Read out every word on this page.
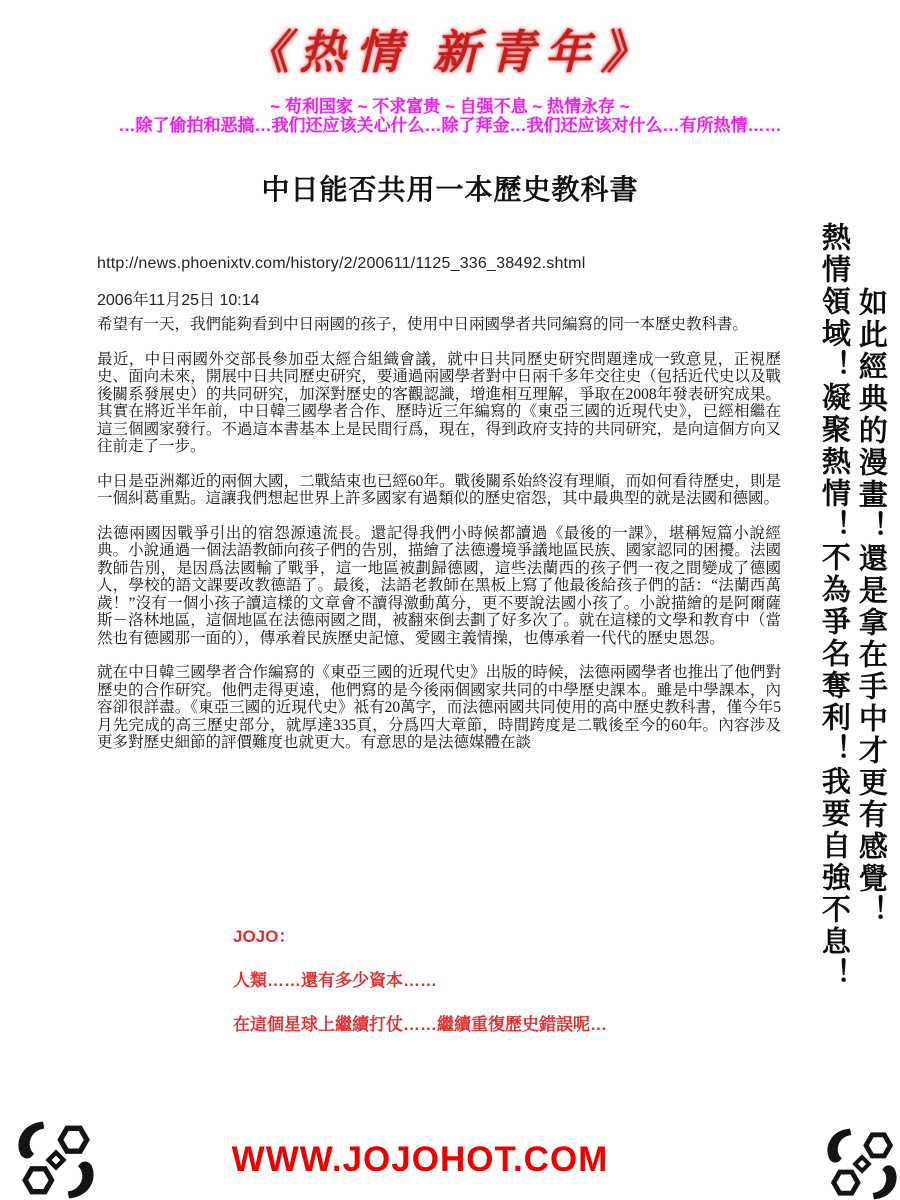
《热情 新青年》
~ 苟利国家 ~ 不求富贵 ~ 自强不息 ~ 热情永存 ~
…除了偷拍和恶搞…我们还应该关心什么…除了拜金…我们还应该对什么…有所热情……
中日能否共用一本歷史教科書
http://news.phoenixtv.com/history/2/200611/1125_336_38492.shtml
2006年11月25日 10:14

希望有一天，我們能夠看到中日兩國的孩子，使用中日兩國學者共同編寫的同一本歷史教科書。

最近，中日兩國外交部長參加亞太經合組織會議，就中日共同歷史研究問題達成一致意見，正視歷史、面向未來，開展中日共同歷史研究，要通過兩國學者對中日兩千多年交往史（包括近代史以及戰後關系發展史）的共同研究，加深對歷史的客觀認識，增進相互理解，爭取在2008年發表研究成果。其實在將近半年前，中日韓三國學者合作、歷時近三年編寫的《東亞三國的近現代史》，已經相繼在這三個國家發行。不過這本書基本上是民間行爲，現在，得到政府支持的共同研究，是向這個方向又往前走了一步。

中日是亞洲鄰近的兩個大國，二戰結束也已經60年。戰後關系始終沒有理順，而如何看待歷史，則是一個糾葛重點。這讓我們想起世界上許多國家有過類似的歷史宿怨，其中最典型的就是法國和德國。

法德兩國因戰爭引出的宿怨源遠流長。還記得我們小時候都讀過《最後的一課》，堪稱短篇小說經典。小說通過一個法語教師向孩子們的告別，描繪了法德邊境爭議地區民族、國家認同的困擾。法國教師告別，是因爲法國輸了戰爭，這一地區被劃歸德國，這些法蘭西的孩子們一夜之間變成了德國人，學校的語文課要改教德語了。最後，法語老教師在黑板上寫了他最後給孩子們的話：“法蘭西萬歲！”沒有一個小孩子讀這樣的文章會不讀得激動萬分，更不要說法國小孩了。小說描繪的是阿爾薩斯－洛林地區，這個地區在法德兩國之間，被翻來倒去劃了好多次了。就在這樣的文學和教育中（當然也有德國那一面的），傳承着民族歷史記憶、愛國主義情操，也傳承着一代代的歷史恩怨。

就在中日韓三國學者合作編寫的《東亞三國的近現代史》出版的時候，法德兩國學者也推出了他們對歷史的合作研究。他們走得更遠，他們寫的是今後兩個國家共同的中學歷史課本。雖是中學課本，內容卻很詳盡。《東亞三國的近現代史》祗有20萬字，而法德兩國共同使用的高中歷史教科書，僅今年5月先完成的高三歷史部分，就厚達335頁，分爲四大章節，時間跨度是二戰後至今的60年。內容涉及更多對歷史細節的評價難度也就更大。有意思的是法德媒體在談	如此經典的漫畫！還是拿在手中才更有感覺！
熱情領域！凝聚熱情！不為爭名奪利！我要自強不息！
JOJO：
人類……還有多少資本……
在這個星球上繼續打仗……繼續重復歷史錯誤呢…
WWW.JOJOHOT.COM
